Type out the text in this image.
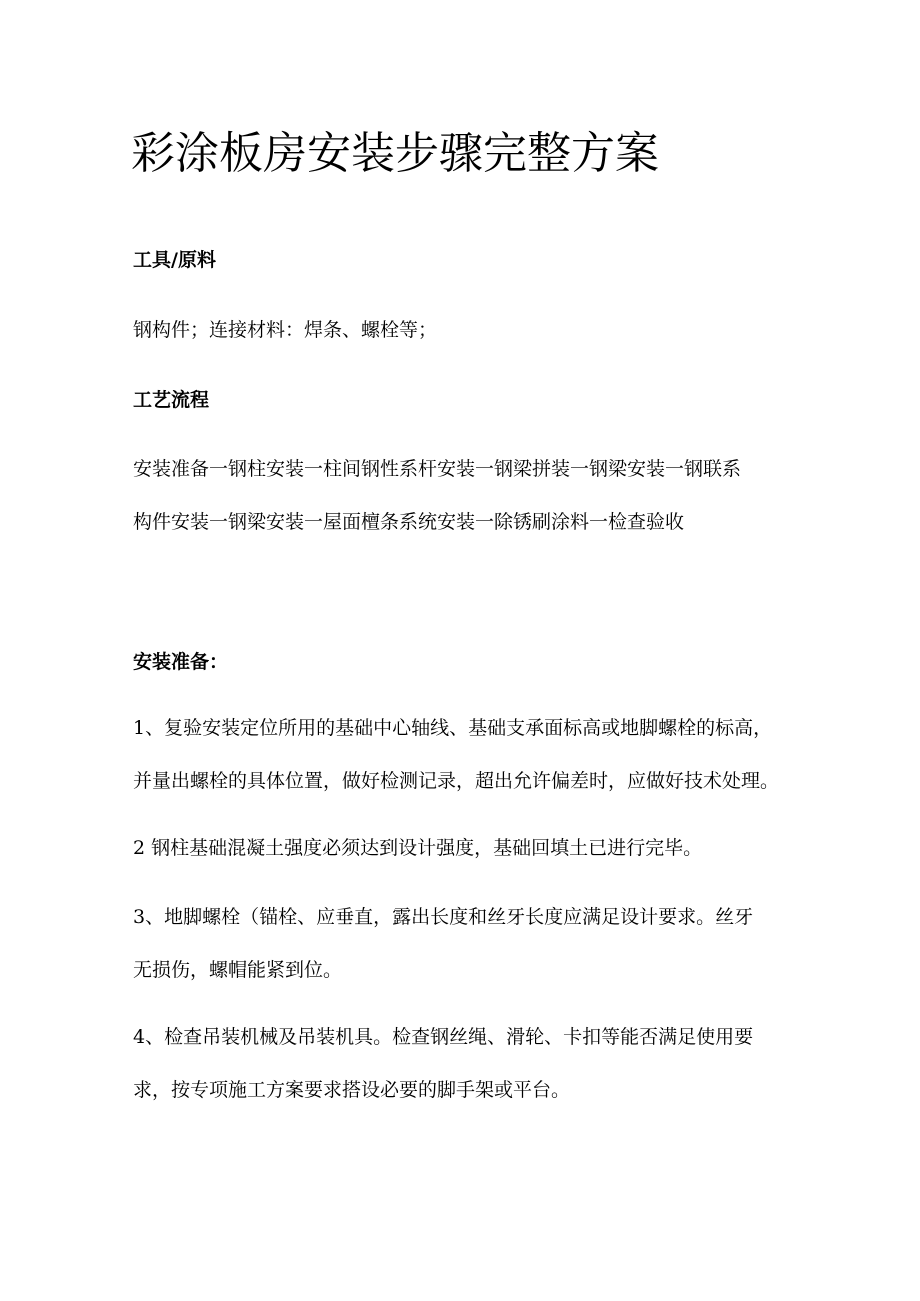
彩涂板房安装步骤完整方案

工具/原料

钢构件；连接材料：焊条、螺栓等；

工艺流程

安装准备一钢柱安装一柱间钢性系杆安装一钢梁拼装一钢梁安装一钢联系
构件安装一钢梁安装一屋面檀条系统安装一除锈刷涂料一检查验收

安装准备：

1、复验安装定位所用的基础中心轴线、基础支承面标高或地脚螺栓的标高，
并量出螺栓的具体位置，做好检测记录，超出允许偏差时，应做好技术处理。
2 钢柱基础混凝土强度必须达到设计强度，基础回填土已进行完毕。
3、地脚螺栓（锚栓、应垂直，露出长度和丝牙长度应满足设计要求。丝牙
无损伤，螺帽能紧到位。
4、检查吊装机械及吊装机具。检查钢丝绳、滑轮、卡扣等能否满足使用要
求，按专项施工方案要求搭设必要的脚手架或平台。
